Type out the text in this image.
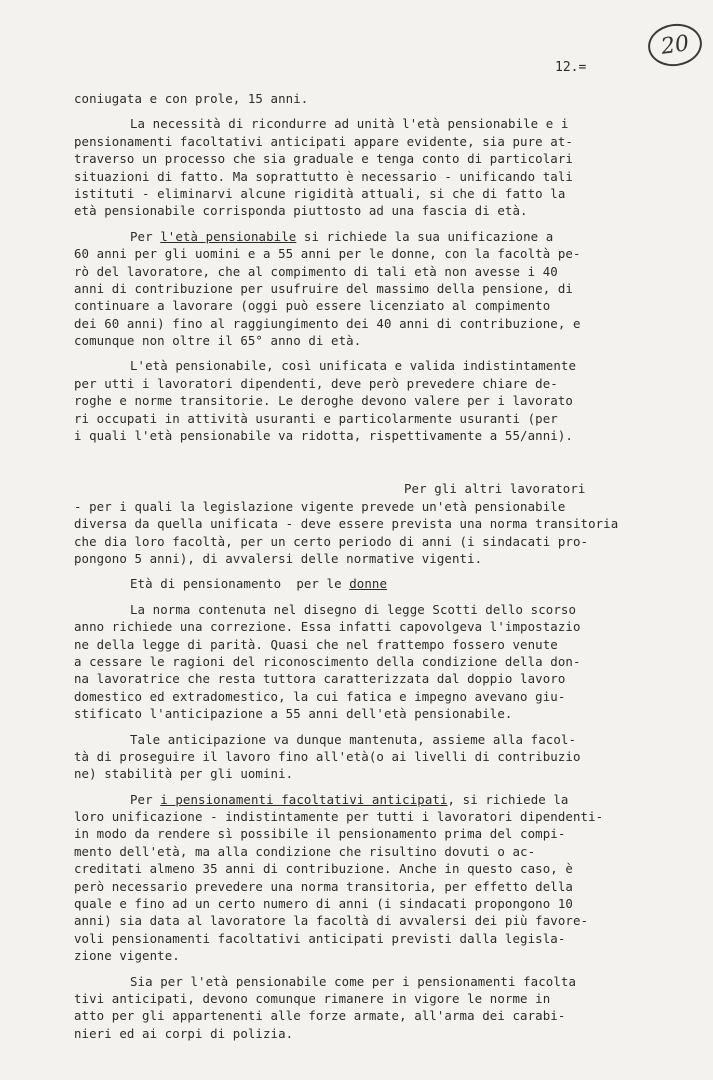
20
12.=
coniugata e con prole, 15 anni.
La necessità di ricondurre ad unità l'età pensionabile e i
pensionamenti facoltativi anticipati appare evidente, sia pure at-
traverso un processo che sia graduale e tenga conto di particolari
situazioni di fatto. Ma soprattutto è necessario - unificando tali
istituti - eliminarvi alcune rigidità attuali, si che di fatto la
età pensionabile corrisponda piuttosto ad una fascia di età.
Per l'età pensionabile si richiede la sua unificazione a
60 anni per gli uomini e a 55 anni per le donne, con la facoltà pe-
rò del lavoratore, che al compimento di tali età non avesse i 40
anni di contribuzione per usufruire del massimo della pensione, di
continuare a lavorare (oggi può essere licenziato al compimento
dei 60 anni) fino al raggiungimento dei 40 anni di contribuzione, e
comunque non oltre il 65° anno di età.
L'età pensionabile, così unificata e valida indistintamente
per utti i lavoratori dipendenti, deve però prevedere chiare de-
roghe e norme transitorie. Le deroghe devono valere per i lavorato
ri occupati in attività usuranti e particolarmente usuranti (per
i quali l'età pensionabile va ridotta, rispettivamente a 55/anni).
Per gli altri lavoratori
- per i quali la legislazione vigente prevede un'età pensionabile
diversa da quella unificata - deve essere prevista una norma transitoria
che dia loro facoltà, per un certo periodo di anni (i sindacati pro-
pongono 5 anni), di avvalersi delle normative vigenti.
Età di pensionamento  per le donne
La norma contenuta nel disegno di legge Scotti dello scorso
anno richiede una correzione. Essa infatti capovolgeva l'impostazio
ne della legge di parità. Quasi che nel frattempo fossero venute
a cessare le ragioni del riconoscimento della condizione della don-
na lavoratrice che resta tuttora caratterizzata dal doppio lavoro
domestico ed extradomestico, la cui fatica e impegno avevano giu-
stificato l'anticipazione a 55 anni dell'età pensionabile.
Tale anticipazione va dunque mantenuta, assieme alla facol-
tà di proseguire il lavoro fino all'età(o ai livelli di contribuzio
ne) stabilità per gli uomini.
Per i pensionamenti facoltativi anticipati, si richiede la
loro unificazione - indistintamente per tutti i lavoratori dipendenti-
in modo da rendere sì possibile il pensionamento prima del compi-
mento dell'età, ma alla condizione che risultino dovuti o ac-
creditati almeno 35 anni di contribuzione. Anche in questo caso, è
però necessario prevedere una norma transitoria, per effetto della
quale e fino ad un certo numero di anni (i sindacati propongono 10
anni) sia data al lavoratore la facoltà di avvalersi dei più favore-
voli pensionamenti facoltativi anticipati previsti dalla legisla-
zione vigente.
Sia per l'età pensionabile come per i pensionamenti facolta
tivi anticipati, devono comunque rimanere in vigore le norme in
atto per gli appartenenti alle forze armate, all'arma dei carabi-
nieri ed ai corpi di polizia.
